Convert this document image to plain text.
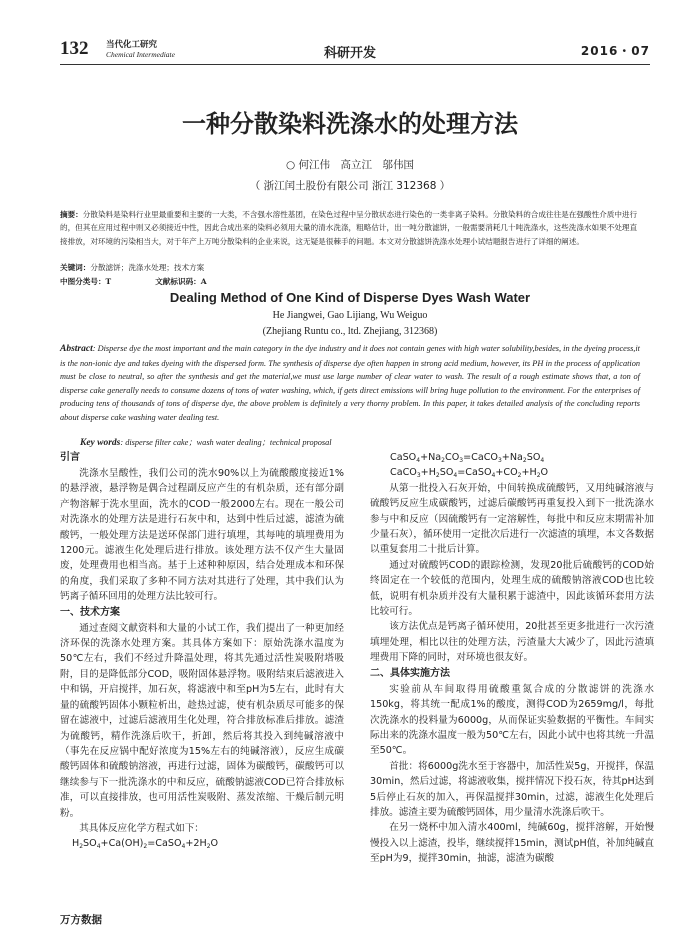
132 当代化工研究
Chemical Intermediate	科研开发	2016・07
一种分散染料洗涤水的处理方法
○ 何江伟　高立江　邬伟国
（ 浙江闰土股份有限公司 浙江 312368 ）
摘要：分散染料是染料行业里最重要和主要的一大类，不含强水溶性基团，在染色过程中呈分散状态进行染色的一类非离子染料。分散染料的合成往往是在强酸性介质中进行的，但其在应用过程中则又必须接近中性，因此合成出来的染料必须用大量的清水洗涤，粗略估计，出一吨分散滤饼，一般需要消耗几十吨洗涤水，这些洗涤水如果不处理直接排放，对环境的污染相当大，对于年产上万吨分散染料的企业来说，这无疑是很棘手的问题。本文对分散滤饼洗涤水处理小试结题报告进行了详细的阐述。
关键词：分散滤饼；洗涤水处理；技术方案
中图分类号：T	文献标识码：A
Dealing Method of One Kind of Disperse Dyes Wash Water
He Jiangwei, Gao Lijiang, Wu Weiguo
(Zhejiang Runtu co., ltd. Zhejiang, 312368)
Abstract: Disperse dye the most important and the main category in the dye industry and it does not contain genes with high water solubility,besides, in the dyeing process,it is the non-ionic dye and takes dyeing with the dispersed form. The synthesis of disperse dye often happen in strong acid medium, however, its PH in the process of application must be close to neutral, so after the synthesis and get the material,we must use large number of clear water to wash. The result of a rough estimate shows that, a ton of disperse cake generally needs to consume dozens of tons of water washing, which, if gets direct emissions will bring huge pollution to the environment. For the enterprises of producing tens of thousands of tons of disperse dye, the above problem is definitely a very thorny problem. In this paper, it takes detailed analysis of the concluding reports about disperse cake washing water dealing test.
Key words: disperse filter cake；wash water dealing；technical proposal
引言

洗涤水呈酸性，我们公司的洗水90%以上为硫酸酸度接近1%的悬浮液，悬浮物是偶合过程副反应产生的有机杂质，还有部分副产物溶解于洗水里面，洗水的COD一般2000左右。现在一般公司对洗涤水的处理方法是进行石灰中和，达到中性后过滤，滤渣为硫酸钙，一般处理方法是送环保部门进行填埋，其每吨的填埋费用为1200元。滤液生化处理后进行排放。该处理方法不仅产生大量固废，处理费用也相当高。基于上述种种原因，结合处理成本和环保的角度，我们采取了多种不同方法对其进行了处理，其中我们认为钙离子循环回用的处理方法比较可行。

一、技术方案

通过查阅文献资料和大量的小试工作，我们提出了一种更加经济环保的洗涤水处理方案。其具体方案如下：原始洗涤水温度为50℃左右，我们不经过升降温处理，将其先通过活性炭吸附塔吸附，目的是降低部分COD，吸附固体悬浮物。吸附结束后滤液进入中和锅，开启搅拌，加石灰，将滤液中和至pH为5左右，此时有大量的硫酸钙固体小颗粒析出，趁热过滤，使有机杂质尽可能多的保留在滤液中，过滤后滤液用生化处理，符合排放标准后排放。滤渣为硫酸钙，精作洗涤后吹干，折卸，然后将其投入到纯碱溶液中（事先在反应锅中配好浓度为15%左右的纯碱溶液），反应生成碳酸钙固体和硫酸钠溶液，再进行过滤，固体为碳酸钙，碳酸钙可以继续参与下一批洗涤水的中和反应，硫酸钠滤液COD已符合排放标准，可以直接排放，也可用活性炭吸附、蒸发浓缩、干燥后制元明粉。

其具体反应化学方程式如下：

$H_2SO_4+Ca(OH)_2=CaSO_4+2H_2O$

$CaSO_4+Na_2CO_3=CaCO_3+Na_2SO_4$

$CaCO_3+H_2SO_4=CaSO_4+CO_2+H_2O$

从第一批投入石灰开始，中间转换成硫酸钙，又用纯碱溶液与硫酸钙反应生成碳酸钙，过滤后碳酸钙再重复投入到下一批洗涤水参与中和反应（因硫酸钙有一定溶解性，每批中和反应末期需补加少量石灰），循环使用一定批次后进行一次滤渣的填埋，本文各数据以重复套用二十批后计算。

通过对硫酸钙COD的跟踪检测，发现20批后硫酸钙的COD始终固定在一个较低的范围内，处理生成的硫酸钠溶液COD也比较低，说明有机杂质并没有大量积累于滤渣中，因此该循环套用方法比较可行。

该方法优点是钙离子循环使用，20批甚至更多批进行一次污渣填埋处理，相比以往的处理方法，污渣量大大减少了，因此污渣填埋费用下降的同时，对环境也很友好。

二、具体实施方法

实验前从车间取得用硫酸重氮合成的分散滤饼的洗涤水150kg，将其统一配成1%的酸度，测得COD为2659mg/l，每批次洗涤水的投料量为6000g，从而保证实验数据的平衡性。车间实际出来的洗涤水温度一般为50℃左右，因此小试中也将其统一升温至50℃。

首批：将6000g洗水至于容器中，加活性炭5g，开搅拌，保温30min，然后过滤，将滤液收集，搅拌情况下投石灰，待其pH达到5后停止石灰的加入，再保温搅拌30min，过滤，滤液生化处理后排放。滤渣主要为硫酸钙固体，用少量清水洗涤后吹干。

在另一烧杯中加入清水400ml，纯碱60g，搅拌溶解，开始慢慢投入以上滤渣，投毕，继续搅拌15min，测试pH值，补加纯碱直至pH为9，搅拌30min，抽滤，滤渣为碳酸

万方数据
